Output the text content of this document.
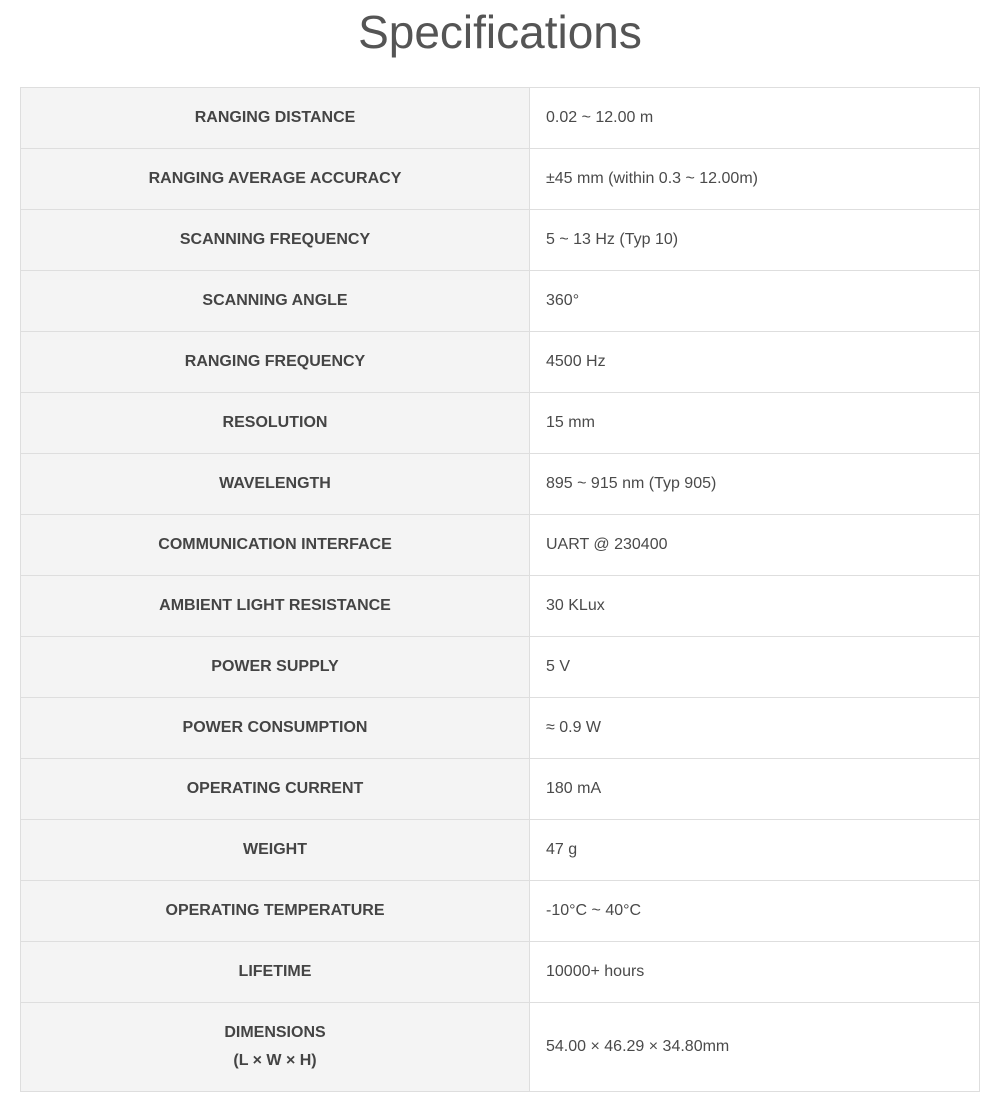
Specifications
RANGING DISTANCE	0.02 ~ 12.00 m
RANGING AVERAGE ACCURACY	±45 mm (within 0.3 ~ 12.00m)
SCANNING FREQUENCY	5 ~ 13 Hz (Typ 10)
SCANNING ANGLE	360°
RANGING FREQUENCY	4500 Hz
RESOLUTION	15 mm
WAVELENGTH	895 ~ 915 nm (Typ 905)
COMMUNICATION INTERFACE	UART @ 230400
AMBIENT LIGHT RESISTANCE	30 KLux
POWER SUPPLY	5 V
POWER CONSUMPTION	≈ 0.9 W
OPERATING CURRENT	180 mA
WEIGHT	47 g
OPERATING TEMPERATURE	-10°C ~ 40°C
LIFETIME	10000+ hours

DIMENSIONS
(L × W × H)	54.00 × 46.29 × 34.80mm
